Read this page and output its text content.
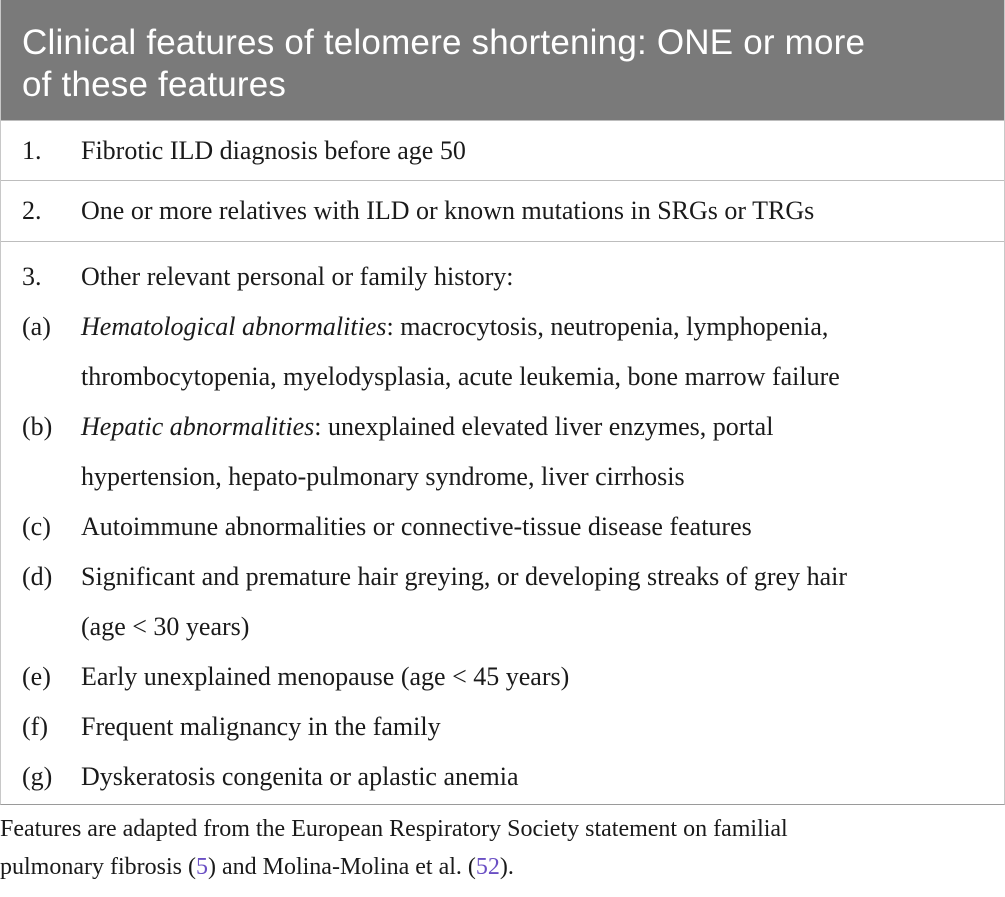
Clinical features of telomere shortening: ONE or more
of these features
1. Fibrotic ILD diagnosis before age 50
2. One or more relatives with ILD or known mutations in SRGs or TRGs
3. Other relevant personal or family history:
(a) Hematological abnormalities: macrocytosis, neutropenia, lymphopenia,
thrombocytopenia, myelodysplasia, acute leukemia, bone marrow failure
(b) Hepatic abnormalities: unexplained elevated liver enzymes, portal
hypertension, hepato-pulmonary syndrome, liver cirrhosis
(c) Autoimmune abnormalities or connective-tissue disease features
(d) Significant and premature hair greying, or developing streaks of grey hair
(age < 30 years)
(e) Early unexplained menopause (age < 45 years)
(f) Frequent malignancy in the family
(g) Dyskeratosis congenita or aplastic anemia
Features are adapted from the European Respiratory Society statement on familial
pulmonary fibrosis (5) and Molina-Molina et al. (52).
